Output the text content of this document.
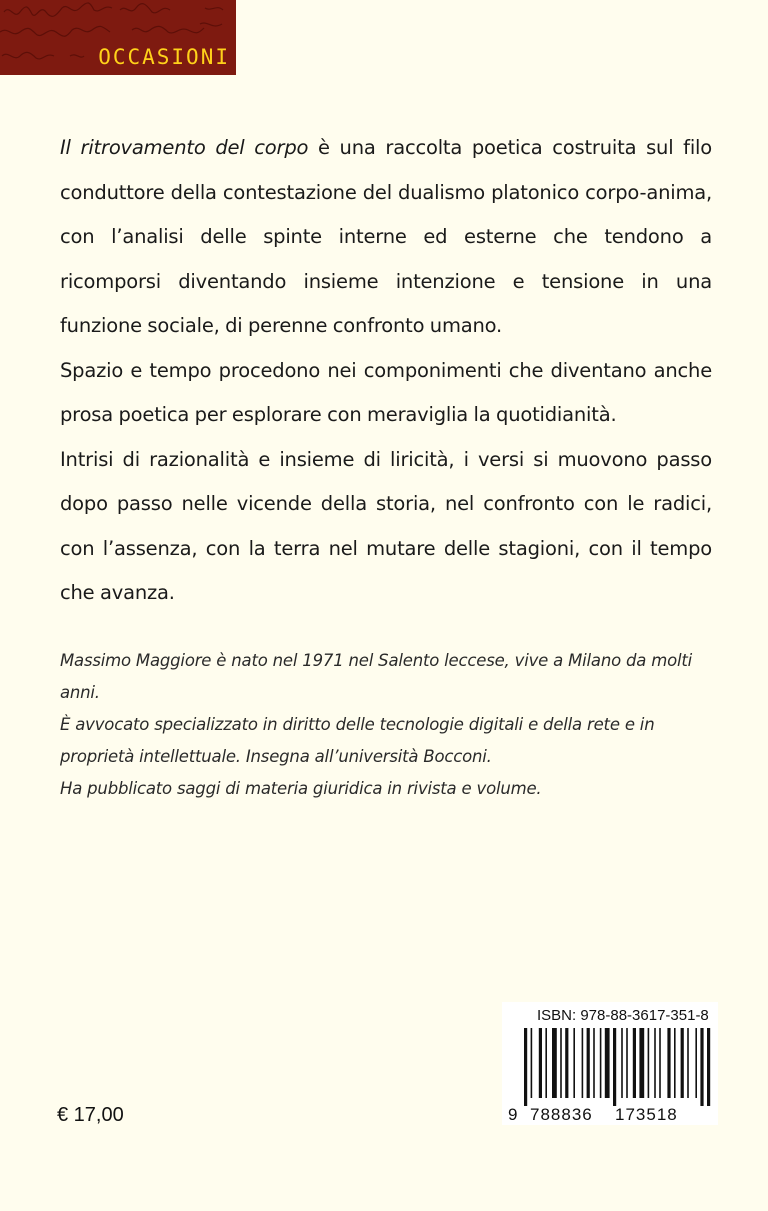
OCCASIONI

Il ritrovamento del corpo è una raccolta poetica costruita sul filo conduttore della contestazione del dualismo platonico corpo-anima, con l’analisi delle spinte interne ed esterne che tendono a ricomporsi diventando insieme intenzione e tensione in una funzione sociale, di perenne confronto umano.

Spazio e tempo procedono nei componimenti che diventano anche prosa poetica per esplorare con meraviglia la quotidianità.

Intrisi di razionalità e insieme di liricità, i versi si muovono passo dopo passo nelle vicende della storia, nel confronto con le radici, con l’assenza, con la terra nel mutare delle stagioni, con il tempo che avanza.

Massimo Maggiore è nato nel 1971 nel Salento leccese, vive a Milano da molti anni.

È avvocato specializzato in diritto delle tecnologie digitali e della rete e in proprietà intellettuale. Insegna all’università Bocconi.

Ha pubblicato saggi di materia giuridica in rivista e volume.

€ 17,00
ISBN: 978-88-3617-351-8
9 788836 173518
